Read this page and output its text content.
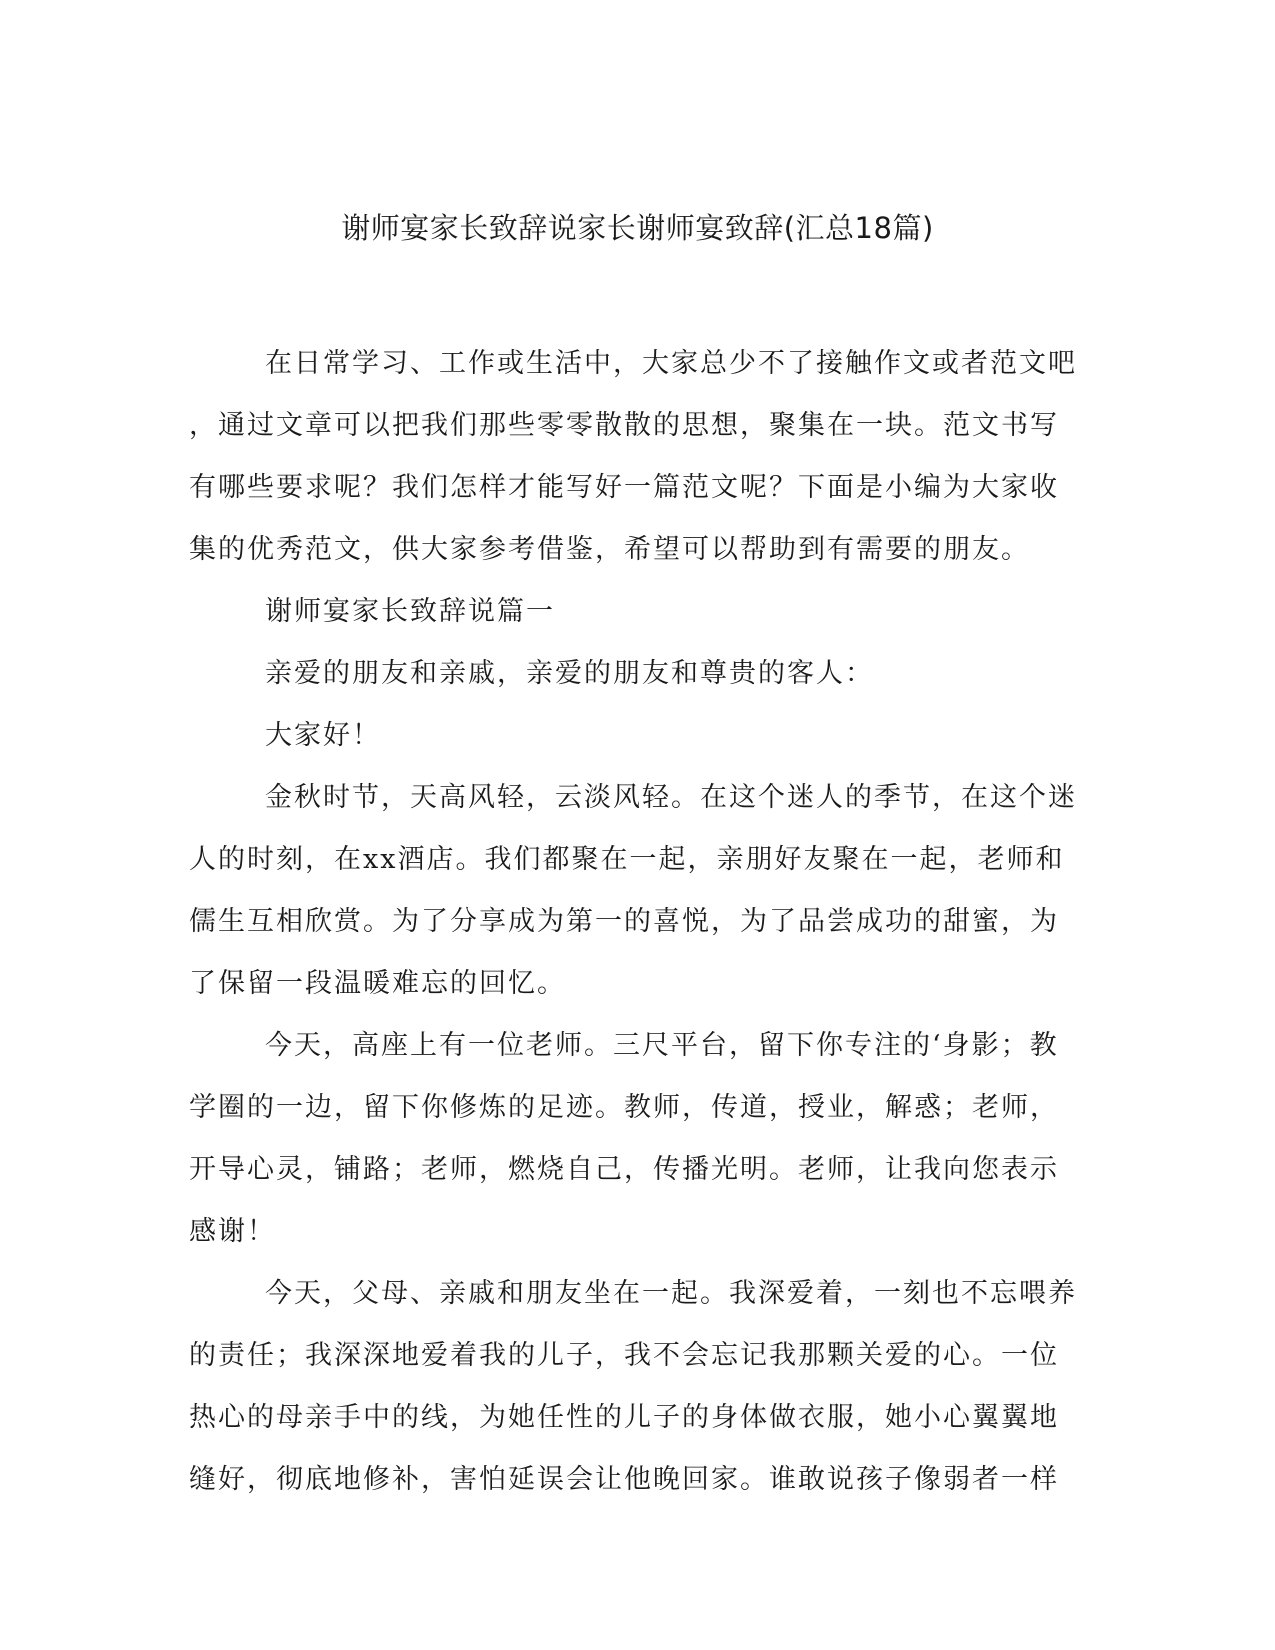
谢师宴家长致辞说家长谢师宴致辞(汇总18篇)

在日常学习、工作或生活中，大家总少不了接触作文或者范文吧
，通过文章可以把我们那些零零散散的思想，聚集在一块。范文书写
有哪些要求呢？我们怎样才能写好一篇范文呢？下面是小编为大家收
集的优秀范文，供大家参考借鉴，希望可以帮助到有需要的朋友。

谢师宴家长致辞说篇一

亲爱的朋友和亲戚，亲爱的朋友和尊贵的客人：

大家好！

金秋时节，天高风轻，云淡风轻。在这个迷人的季节，在这个迷
人的时刻，在xx酒店。我们都聚在一起，亲朋好友聚在一起，老师和
儒生互相欣赏。为了分享成为第一的喜悦，为了品尝成功的甜蜜，为
了保留一段温暖难忘的回忆。

今天，高座上有一位老师。三尺平台，留下你专注的‘身影；教
学圈的一边，留下你修炼的足迹。教师，传道，授业，解惑；老师，
开导心灵，铺路；老师，燃烧自己，传播光明。老师，让我向您表示
感谢！

今天，父母、亲戚和朋友坐在一起。我深爱着，一刻也不忘喂养
的责任；我深深地爱着我的儿子，我不会忘记我那颗关爱的心。一位
热心的母亲手中的线，为她任性的儿子的身体做衣服，她小心翼翼地
缝好，彻底地修补，害怕延误会让他晚回家。谁敢说孩子像弱者一样
